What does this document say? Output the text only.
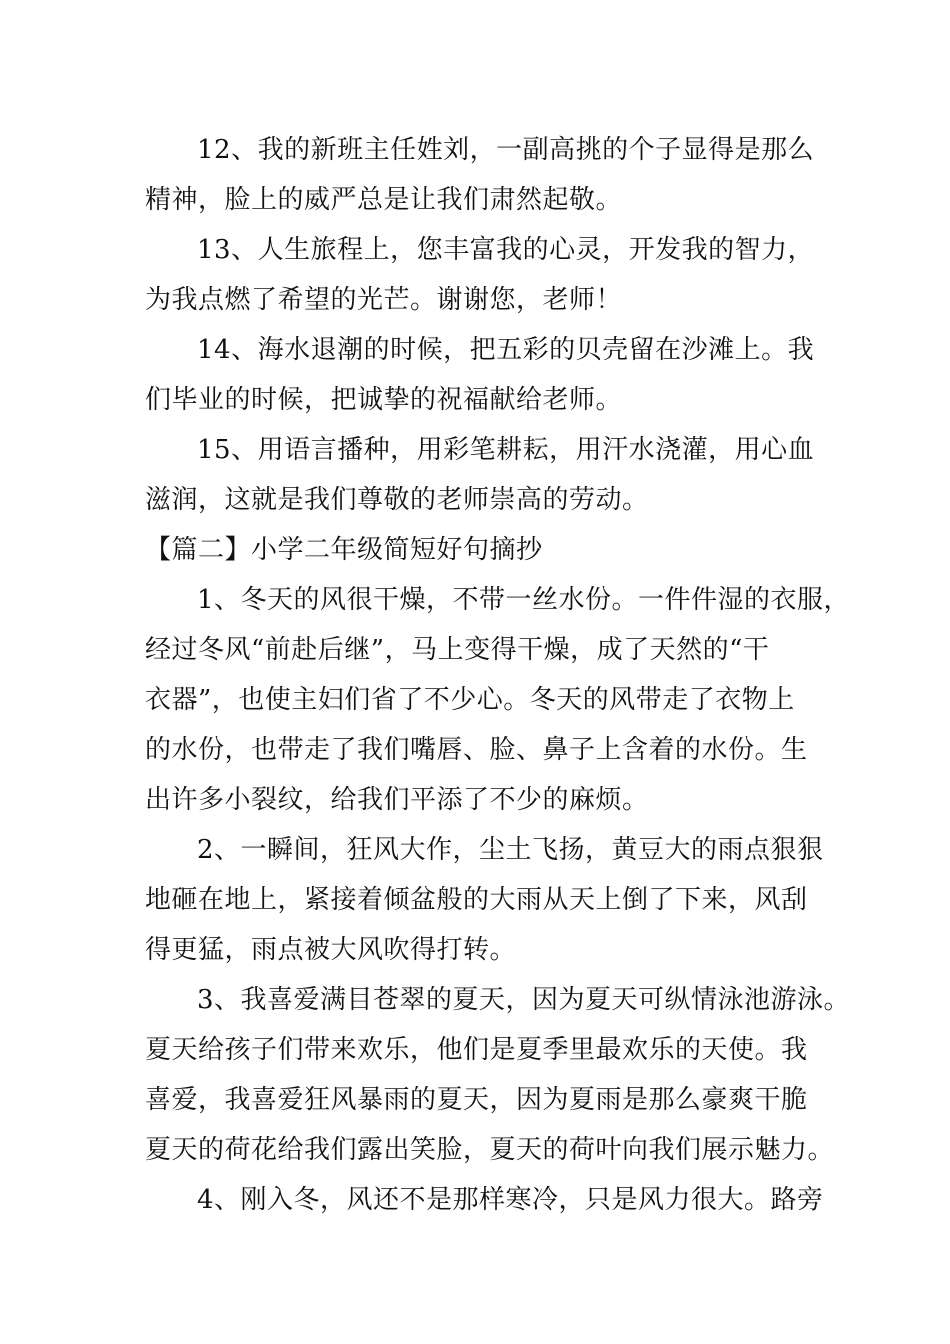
12、我的新班主任姓刘，一副高挑的个子显得是那么
精神，脸上的威严总是让我们肃然起敬。
13、人生旅程上，您丰富我的心灵，开发我的智力，
为我点燃了希望的光芒。谢谢您，老师！
14、海水退潮的时候，把五彩的贝壳留在沙滩上。我
们毕业的时候，把诚挚的祝福献给老师。
15、用语言播种，用彩笔耕耘，用汗水浇灌，用心血
滋润，这就是我们尊敬的老师崇高的劳动。
【篇二】小学二年级简短好句摘抄
1、冬天的风很干燥，不带一丝水份。一件件湿的衣服，
经过冬风“前赴后继”，马上变得干燥，成了天然的“干
衣器”，也使主妇们省了不少心。冬天的风带走了衣物上
的水份，也带走了我们嘴唇、脸、鼻子上含着的水份。生
出许多小裂纹，给我们平添了不少的麻烦。
2、一瞬间，狂风大作，尘土飞扬，黄豆大的雨点狠狠
地砸在地上，紧接着倾盆般的大雨从天上倒了下来，风刮
得更猛，雨点被大风吹得打转。
3、我喜爱满目苍翠的夏天，因为夏天可纵情泳池游泳。
夏天给孩子们带来欢乐，他们是夏季里最欢乐的天使。我
喜爱，我喜爱狂风暴雨的夏天，因为夏雨是那么豪爽干脆
夏天的荷花给我们露出笑脸，夏天的荷叶向我们展示魅力。
4、刚入冬，风还不是那样寒冷，只是风力很大。路旁
